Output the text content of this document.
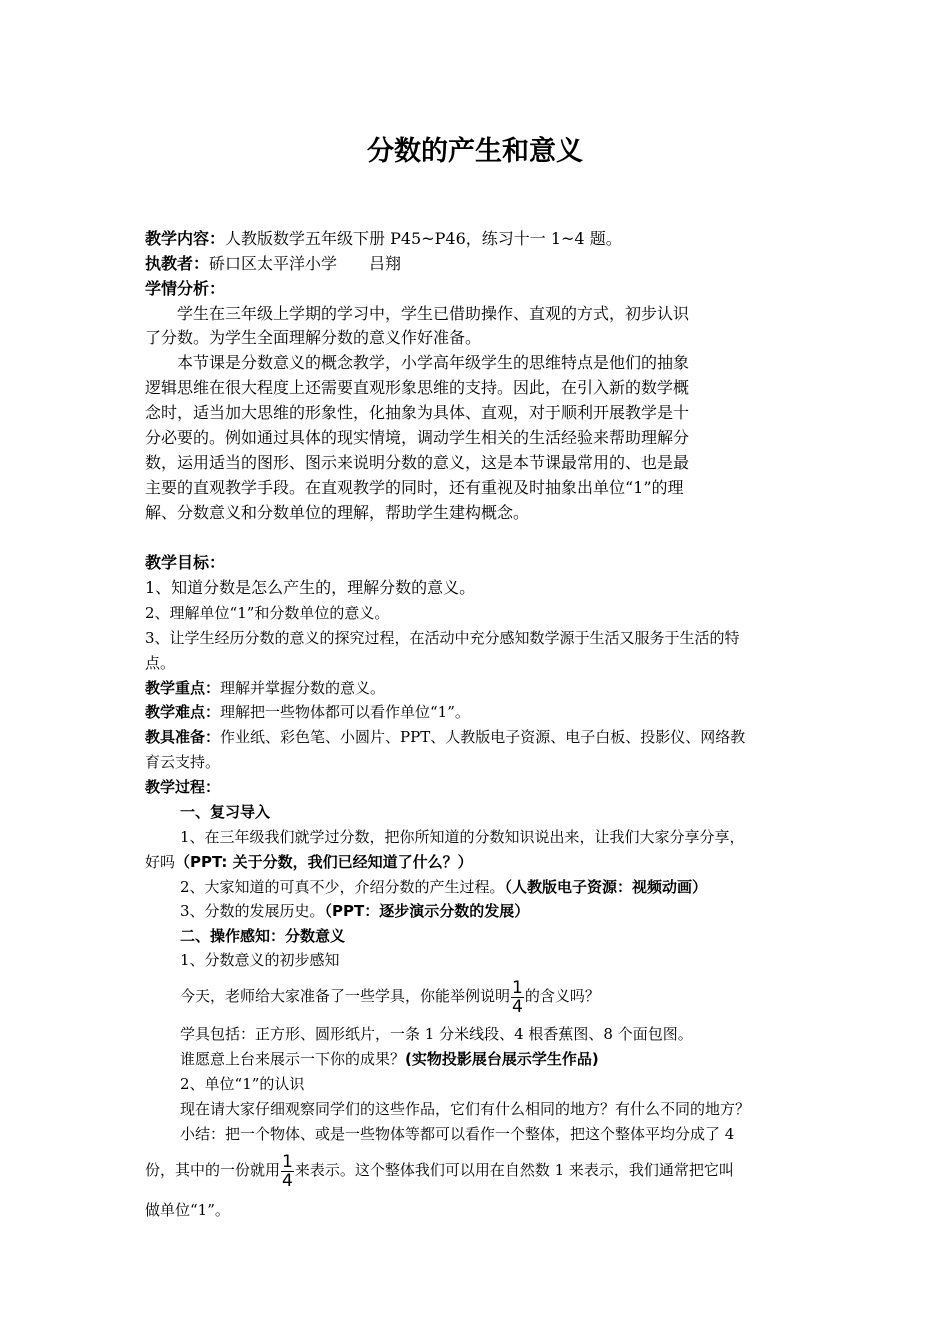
分数的产生和意义
教学内容：人教版数学五年级下册 P45~P46，练习十一 1~4 题。
执教者：硚口区太平洋小学　　吕翔
学情分析：
　　学生在三年级上学期的学习中，学生已借助操作、直观的方式，初步认识
了分数。为学生全面理解分数的意义作好准备。
　　本节课是分数意义的概念教学，小学高年级学生的思维特点是他们的抽象
逻辑思维在很大程度上还需要直观形象思维的支持。因此，在引入新的数学概
念时，适当加大思维的形象性，化抽象为具体、直观，对于顺利开展教学是十
分必要的。例如通过具体的现实情境，调动学生相关的生活经验来帮助理解分
数，运用适当的图形、图示来说明分数的意义，这是本节课最常用的、也是最
主要的直观教学手段。在直观教学的同时，还有重视及时抽象出单位“1”的理
解、分数意义和分数单位的理解，帮助学生建构概念。
教学目标：
1、知道分数是怎么产生的，理解分数的意义。
2、理解单位“1”和分数单位的意义。
3、让学生经历分数的意义的探究过程，在活动中充分感知数学源于生活又服务于生活的特
点。
教学重点：理解并掌握分数的意义。
教学难点：理解把一些物体都可以看作单位“1”。
教具准备：作业纸、彩色笔、小圆片、PPT、人教版电子资源、电子白板、投影仪、网络教
育云支持。
教学过程：
一、复习导入
1、在三年级我们就学过分数，把你所知道的分数知识说出来，让我们大家分享分享，
好吗（PPT: 关于分数，我们已经知道了什么？）
2、大家知道的可真不少，介绍分数的产生过程。（人教版电子资源：视频动画）
3、分数的发展历史。（PPT：逐步演示分数的发展）
二、操作感知：分数意义
1、分数意义的初步感知
今天，老师给大家准备了一些学具，你能举例说明 $\frac{1}{4}$ 的含义吗？
学具包括：正方形、圆形纸片，一条 1 分米线段、4 根香蕉图、8 个面包图。
谁愿意上台来展示一下你的成果？(实物投影展台展示学生作品)
2、单位“1”的认识
现在请大家仔细观察同学们的这些作品，它们有什么相同的地方？有什么不同的地方？
小结：把一个物体、或是一些物体等都可以看作一个整体，把这个整体平均分成了 4
份，其中的一份就用 $\frac{1}{4}$ 来表示。这个整体我们可以用在自然数 1 来表示，我们通常把它叫
做单位“1”。
